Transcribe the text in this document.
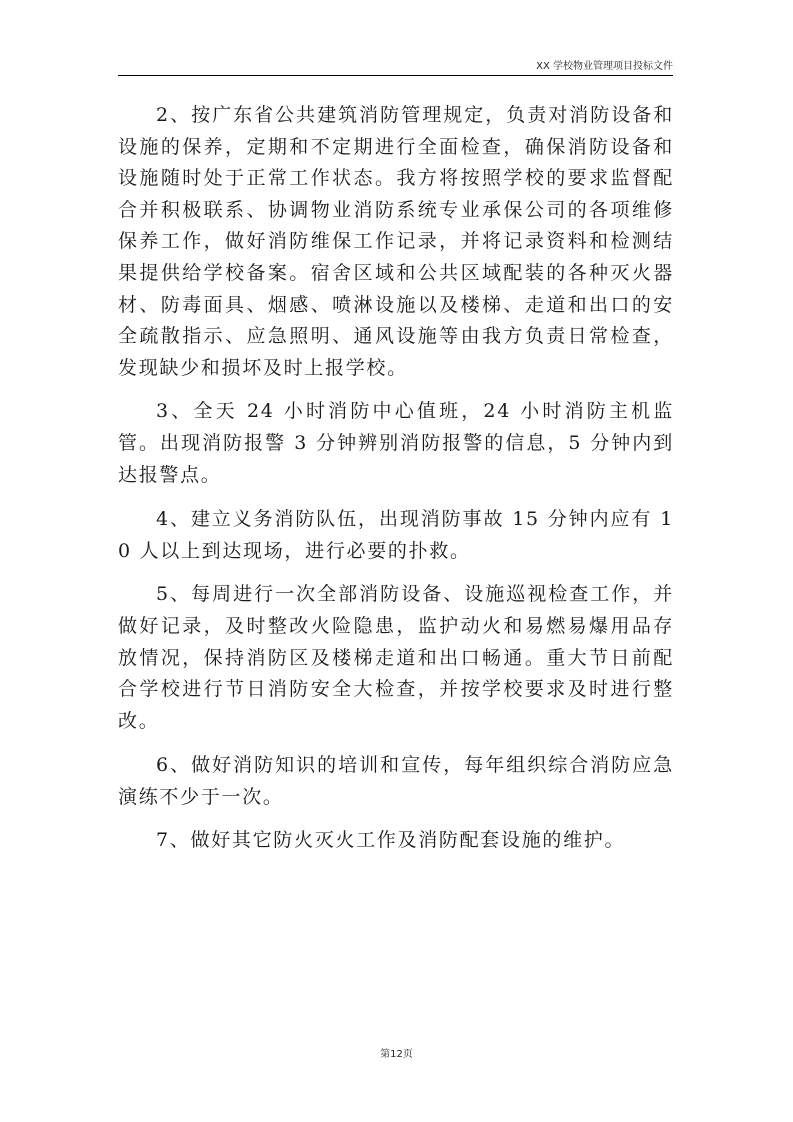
XX 学校物业管理项目投标文件

2、按广东省公共建筑消防管理规定，负责对消防设备和设施的保养，定期和不定期进行全面检查，确保消防设备和设施随时处于正常工作状态。我方将按照学校的要求监督配合并积极联系、协调物业消防系统专业承保公司的各项维修保养工作，做好消防维保工作记录，并将记录资料和检测结果提供给学校备案。宿舍区域和公共区域配装的各种灭火器材、防毒面具、烟感、喷淋设施以及楼梯、走道和出口的安全疏散指示、应急照明、通风设施等由我方负责日常检查，发现缺少和损坏及时上报学校。

3、全天 24 小时消防中心值班，24 小时消防主机监管。出现消防报警 3 分钟辨别消防报警的信息，5 分钟内到达报警点。

4、建立义务消防队伍，出现消防事故 15 分钟内应有 10 人以上到达现场，进行必要的扑救。

5、每周进行一次全部消防设备、设施巡视检查工作，并做好记录，及时整改火险隐患，监护动火和易燃易爆用品存放情况，保持消防区及楼梯走道和出口畅通。重大节日前配合学校进行节日消防安全大检查，并按学校要求及时进行整改。

6、做好消防知识的培训和宣传，每年组织综合消防应急演练不少于一次。

7、做好其它防火灭火工作及消防配套设施的维护。

第12页
